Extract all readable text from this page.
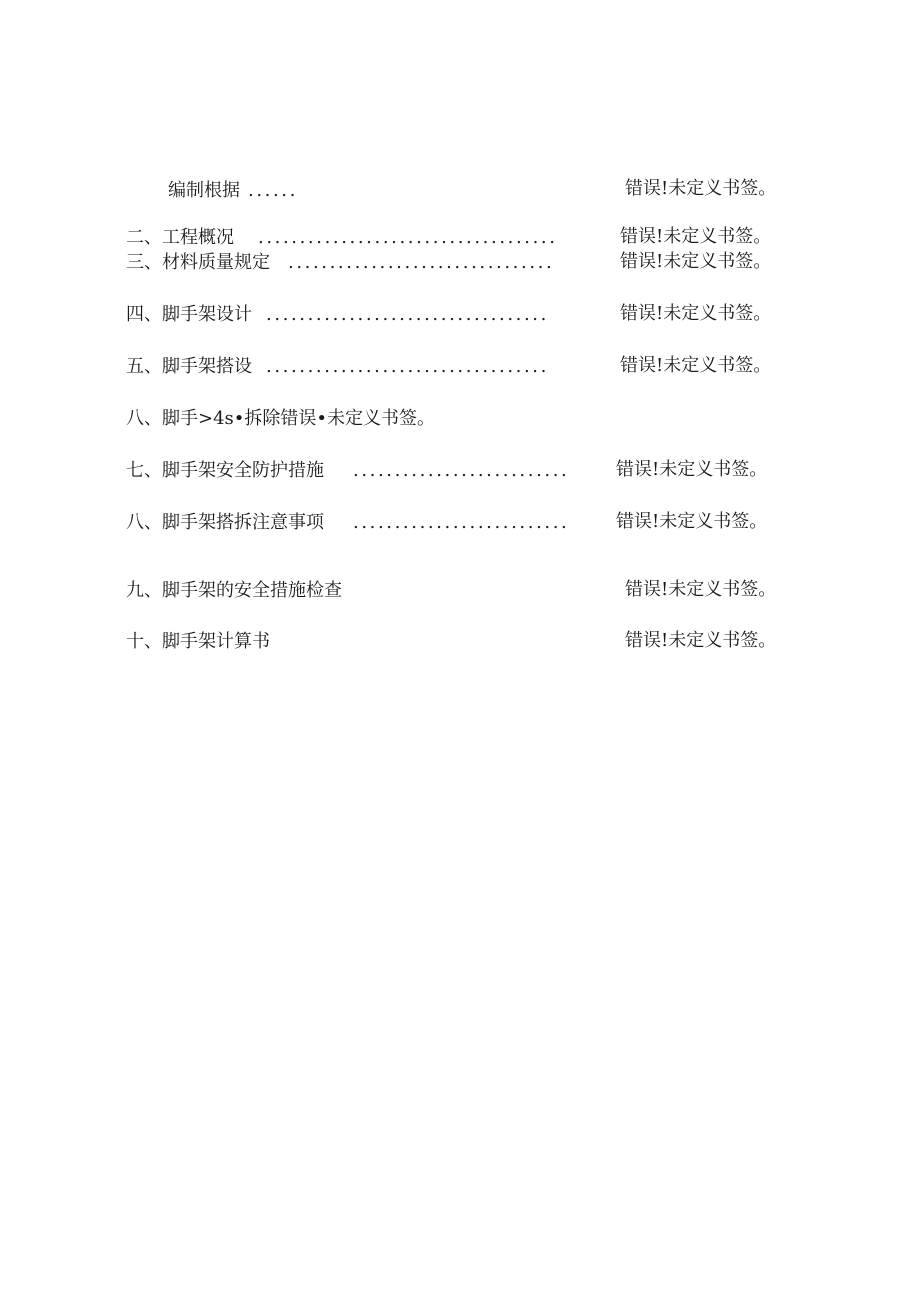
编制根据 ......	错误!未定义书签。
二、工程概况 ....................................	错误!未定义书签。
三、材料质量规定 ................................	错误!未定义书签。
四、脚手架设计 ..................................	错误!未定义书签。
五、脚手架搭设 ..................................	错误!未定义书签。
八、脚手>4s•拆除错误•未定义书签。
七、脚手架安全防护措施 ..........................	错误!未定义书签。
八、脚手架搭拆注意事项 ..........................	错误!未定义书签。
九、脚手架的安全措施检查	错误!未定义书签。
十、脚手架计算书	错误!未定义书签。
